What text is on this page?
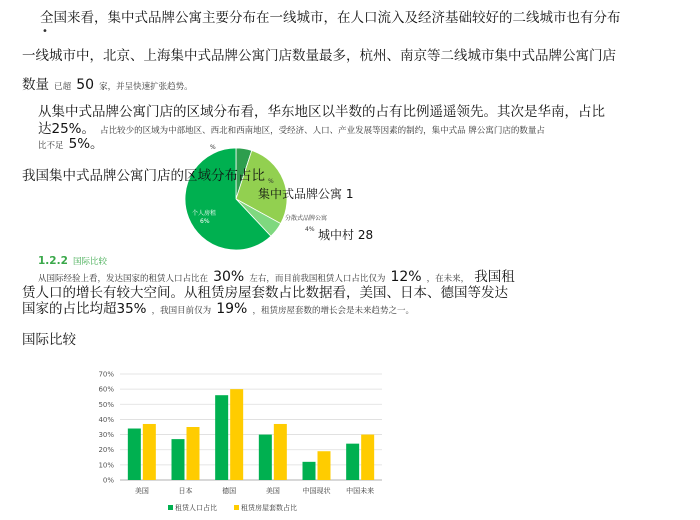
全国来看，集中式品牌公寓主要分布在一线城市，在人口流入及经济基础较好的二线城市也有分布
•
一线城市中，北京、上海集中式品牌公寓门店数量最多，杭州、南京等二线城市集中式品牌公寓门店
数量 已超 50 家，并呈快速扩张趋势。
从集中式品牌公寓门店的区域分布看，华东地区以半数的占有比例遥遥领先。其次是华南，占比
达25%。 占比较少的区域为中部地区、西北和西南地区，受经济、人口、产业发展等因素的制约，集中式品 牌公寓门店的数量占
比不足 5%。
我国集中式品牌公寓门店的区域分布占比
%
%
个人房租
6%	分散式品牌公寓
4%
集中式品牌公寓 1
城中村 28
1.2.2 国际比较
从国际经验上看，发达国家的租赁人口占比在 30% 左右，而目前我国租赁人口占比仅为 12% ，在未来， 我国租
赁人口的增长有较大空间。从租赁房屋套数占比数据看，美国、日本、德国等发达
国家的占比均超35% ，我国目前仅为 19% ，租赁房屋套数的增长会是未来趋势之一。
国际比较
0%
10%
20%
30%
40%
50%
60%
70%
美国	日本	德国	美国	中国现状 中国未来
租赁人口占比	租赁房屋套数占比
